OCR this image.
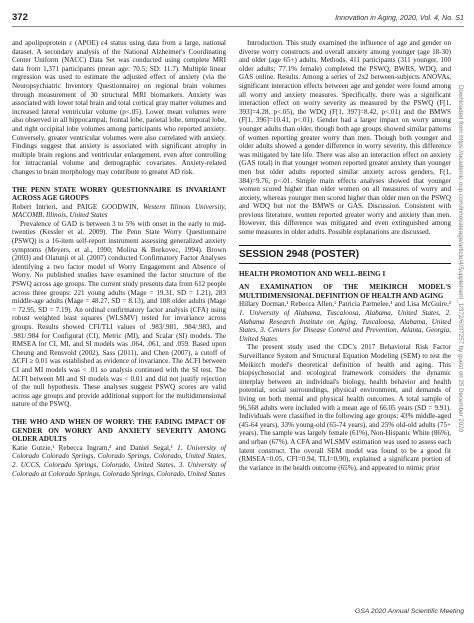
372	Innovation in Aging, 2020, Vol. 4, No. S1

and apolipoprotein ε (APOE) ε4 status using data from a large, national dataset. A secondary analysis of the National Alzheimer's Coordinating Center Uniform (NACC) Data Set was conducted using complete MRI data from 1,371 participants (mean age: 70.5; SD: 11.7). Multiple linear regression was used to estimate the adjusted effect of anxiety (via the Neuropsychiatric Inventory Questionnaire) on regional brain volumes through measurement of 30 structural MRI biomarkers. Anxiety was associated with lower total brain and total cortical gray matter volumes and increased lateral ventricular volume (p<.05). Lower mean volumes were also observed in all hippocampal, frontal lobe, parietal lobe, temporal lobe, and right occipital lobe volumes among participants who reported anxiety. Conversely, greater ventricular volumes were also correlated with anxiety. Findings suggest that anxiety is associated with significant atrophy in multiple brain regions and ventricular enlargement, even after controlling for intracranial volume and demographic covariates. Anxiety-related changes to brain morphology may contribute to greater AD risk.

THE PENN STATE WORRY QUESTIONNAIRE IS INVARIANT ACROSS AGE GROUPS

Robert Intrieri, and PAIGE GOODWIN, Western Illinois University, MACOMB, Illinois, United States

Prevalence of GAD is between 3 to 5% with onset in the early to mid-twenties (Kessler et al. 2009). The Penn State Worry Questionnaire (PSWQ) is a 16-item self-report instrument assessing generalized anxiety symptoms (Meyers, et al., 1990; Molina & Borkovec, 1994). Brown (2003) and Olatunji et al. (2007) conducted Confirmatory Factor Analyses identifying a two factor model of Worry Engagement and Absence of Worry. No published studies have examined the factor structure of the PSWQ across age groups. The current study presents data from 612 people across three groups: 221 young adults (Mage = 19.31, SD = 1.21), 283 middle-age adults (Mage = 48.27, SD = 8.13), and 108 older adults (Mage = 72.95, SD = 7.19). An ordinal confirmatory factor analysis (CFA) using robust weighted least squares (WLSMV) tested for invariance across groups. Results showed CFI/TLI values of .983/.981, .984/.983, and .981/.984 for Configural (CI), Metric (MI), and Scalar (SI) models. The RMSEA for CI, MI, and SI models was .064, .061, and .059. Based upon Cheung and Rensvold (2002), Sass (2011), and Chen (2007), a cutoff of ΔCFI ≥ 0.01 was established as evidence of invariance. The ΔCFI between CI and MI models was < .01 so analysis continued with the SI test. The ΔCFI between MI and SI models was < 0.01 and did not justify rejection of the null hypothesis. These analyses suggest PSWQ scores are valid across age groups and provide additional support for the multidimensional nature of the PSWQ.

THE WHO AND WHEN OF WORRY: THE FADING IMPACT OF GENDER ON WORRY AND ANXIETY SEVERITY AMONG OLDER ADULTS

Katie Gutzie,¹ Rebecca Ingram,² and Daniel Segal,¹ 1. University of Colorado Colorado Springs, Colorado Springs, Colorado, United States, 2. UCCS, Colorado Springs, Colorado, United States, 3. University of Colorado at Colorado Springs, Colorado Springs, Colorado, United States

Introduction. This study examined the influence of age and gender on diverse worry constructs and overall anxiety among younger (age 18-30) and older (age 65+) adults. Methods. 411 participants (311 younger, 100 older adults; 77.1% female) completed the PSWQ, BWRS, WDQ, and GAS online. Results. Among a series of 2x2 between-subjects ANOVAs, significant interaction effects between age and gender were found among all worry and anxiety measures. Specifically, there was a significant interaction effect on worry severity as measured by the PSWQ (F[1, 393]=4.28, p<.05), the WDQ (F[1, 397]=8.42, p<.01) and the BMWS (F[1, 396]=10.41, p<.01). Gender had a larger impact on worry among younger adults than older, though both age groups showed similar patterns of women reporting greater worry than men. Though both younger and older adults showed a gender difference in worry severity, this difference was mitigated by late life. There was also an interaction effect on anxiety (GAS total) in that younger women reported greater anxiety than younger men but older adults reported similar anxiety across genders, F(1, 384)=9.76, p<.01. Simple main effects analyses showed that younger women scored higher than older women on all measures of worry and anxiety, whereas younger men scored higher than older men on the PSWQ and WDQ but not the BMWS or GAS. Discussion. Consistent with previous literature, women reported greater worry and anxiety than men. However, this difference was mitigated and even extinguished among some measures in older adults. Possible explanations are discussed.

SESSION 2948 (POSTER)
HEALTH PROMOTION AND WELL-BEING I
AN EXAMINATION OF THE MEIKIRCH MODEL'S MULTIDIMENSIONAL DEFINITION OF HEALTH AND AGING

Hillary Dorman,¹ Rebecca Allen,¹ Patricia Parmelee,¹ and Lisa McGuire,² 1. University of Alabama, Tuscaloosa, Alabama, United States, 2. Alabama Research Institute on Aging, Tuscaloosa, Alabama, United States, 3. Centers for Disease Control and Prevention, Atlanta, Georgia, United States

The present study used the CDC's 2017 Behavioral Risk Factor Surveillance System and Structural Equation Modeling (SEM) to test the Meikirch model's theoretical definition of health and aging. This biopsychosocial and ecological framework considers the dynamic interplay between an individual's biology, health behavior and health potential, social surroundings, physical environment, and demands of living on both mental and physical health outcomes. A total sample of 96,568 adults were included with a mean age of 66.05 years (SD = 9.91). Individuals were classified in the following age groups: 43% middle-aged (45-64 years), 33% young-old (65-74 years), and 25% old-old adults (75+ years). The sample was largely female (61%), Non-Hispanic White (86%), and urban (67%). A CFA and WLSMV estimation was used to assess each latent construct. The overall SEM model was found to be a good fit (RMSEA=0.05, CFI=0.94, TLI=0.90), explained a significant portion of the variance in the health outcome (65%), and appeared to mimic prior

Downloaded from https://academic.oup.com/innovateage/article/4/Supplement_1/372/6037257 by guest on 25 December 2020
GSA 2020 Annual Scientific Meeting
